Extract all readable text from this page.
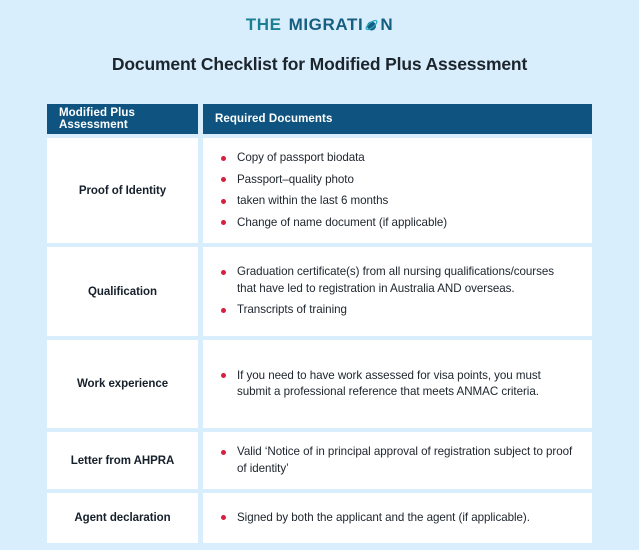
THE MIGRATI N
Document Checklist for Modified Plus Assessment
Modified Plus Assessment	Required Documents
Proof of Identity
Copy of passport biodata
Passport–quality photo
taken within the last 6 months
Change of name document (if applicable)
Qualification
Graduation certificate(s) from all nursing qualifications/courses that have led to registration in Australia AND overseas.
Transcripts of training
Work experience
If you need to have work assessed for visa points, you must submit a professional reference that meets ANMAC criteria.
Letter from AHPRA
Valid ‘Notice of in principal approval of registration subject to proof of identity’
Agent declaration	Signed by both the applicant and the agent (if applicable).
